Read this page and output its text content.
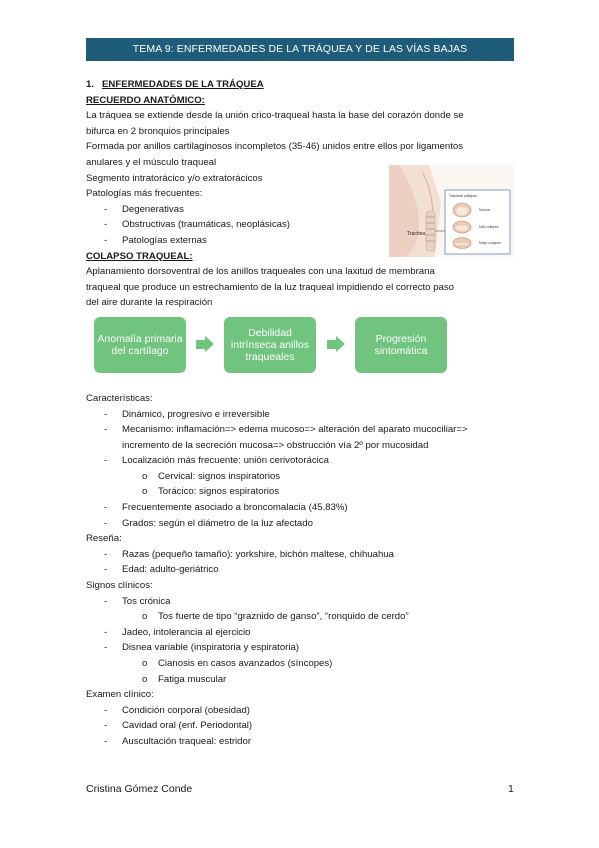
TEMA 9: ENFERMEDADES DE LA TRÁQUEA Y DE LAS VÍAS BAJAS
1. ENFERMEDADES DE LA TRÁQUEA
RECUERDO ANATÓMICO:
La tráquea se extiende desde la unión crico-traqueal hasta la base del corazón donde se
bifurca en 2 bronquios principales
Formada por anillos cartilaginosos incompletos (35-46) unidos entre ellos por ligamentos
anulares y el músculo traqueal
Segmento intratorácico y/o extratorácicos
Patologías más frecuentes:
- Degenerativas
- Obstructivas (traumáticas, neoplásicas)
- Patologías externas
COLAPSO TRAQUEAL:
Aplanamiento dorsoventral de los anillos traqueales con una laxitud de membrana
traqueal que produce un estrechamiento de la luz traqueal impidiendo el correcto paso
del aire durante la respiración
Anomalía primaria del cartílago
Debilidad intrínseca anillos traqueales
Progresión sintomática
Características:
- Dinámico, progresivo e irreversible
- Mecanismo: inflamación=> edema mucoso=> alteración del aparato mucociliar=>
incremento de la secreción mucosa=> obstrucción vía 2º por mucosidad
- Localización más frecuente: unión cerivotorácica
o Cervical: signos inspiratorios
o Torácico: signos espiratorios
- Frecuentemente asociado a broncomalacia (45.83%)
- Grados: según el diámetro de la luz afectado
Reseña:
- Razas (pequeño tamaño): yorkshire, bichón maltese, chihuahua
- Edad: adulto-geriátrico
Signos clínicos:
- Tos crónica
o Tos fuerte de tipo “graznido de ganso”, “ronquido de cerdo”
- Jadeo, intolerancia al ejercicio
- Disnea variable (inspiratoria y espiratoria)
o Cianosis en casos avanzados (síncopes)
o Fatiga muscular
Examen clínico:
- Condición corporal (obesidad)
- Cavidad oral (enf. Periodontal)
- Auscultación traqueal: estridor
Trachea
Tracheal collapse
Normal
Mild collapse
Major collapse
Cristina Gómez Conde	1
